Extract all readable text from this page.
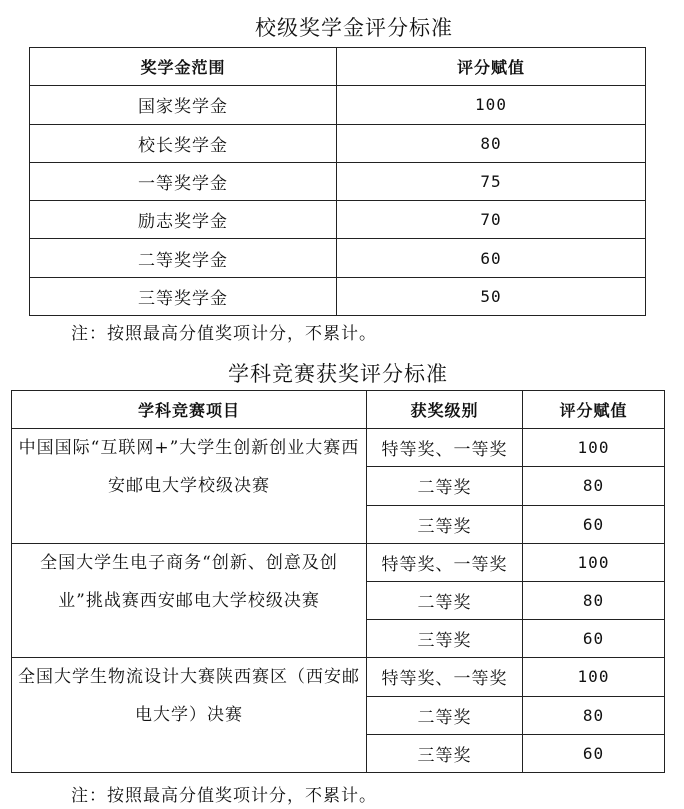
校级奖学金评分标准
奖学金范围	评分赋值
国家奖学金	100
校长奖学金	80
一等奖学金	75
励志奖学金	70
二等奖学金	60
三等奖学金	50
注：按照最高分值奖项计分，不累计。
学科竞赛获奖评分标准
学科竞赛项目	获奖级别	评分赋值
中国国际“互联网+”大学生创新创业大赛西安邮电大学校级决赛	特等奖、一等奖	100
	二等奖	80
	三等奖	60
全国大学生电子商务“创新、创意及创业”挑战赛西安邮电大学校级决赛	特等奖、一等奖	100
	二等奖	80
	三等奖	60
全国大学生物流设计大赛陕西赛区（西安邮电大学）决赛	特等奖、一等奖	100
	二等奖	80
	三等奖	60
注：按照最高分值奖项计分，不累计。
